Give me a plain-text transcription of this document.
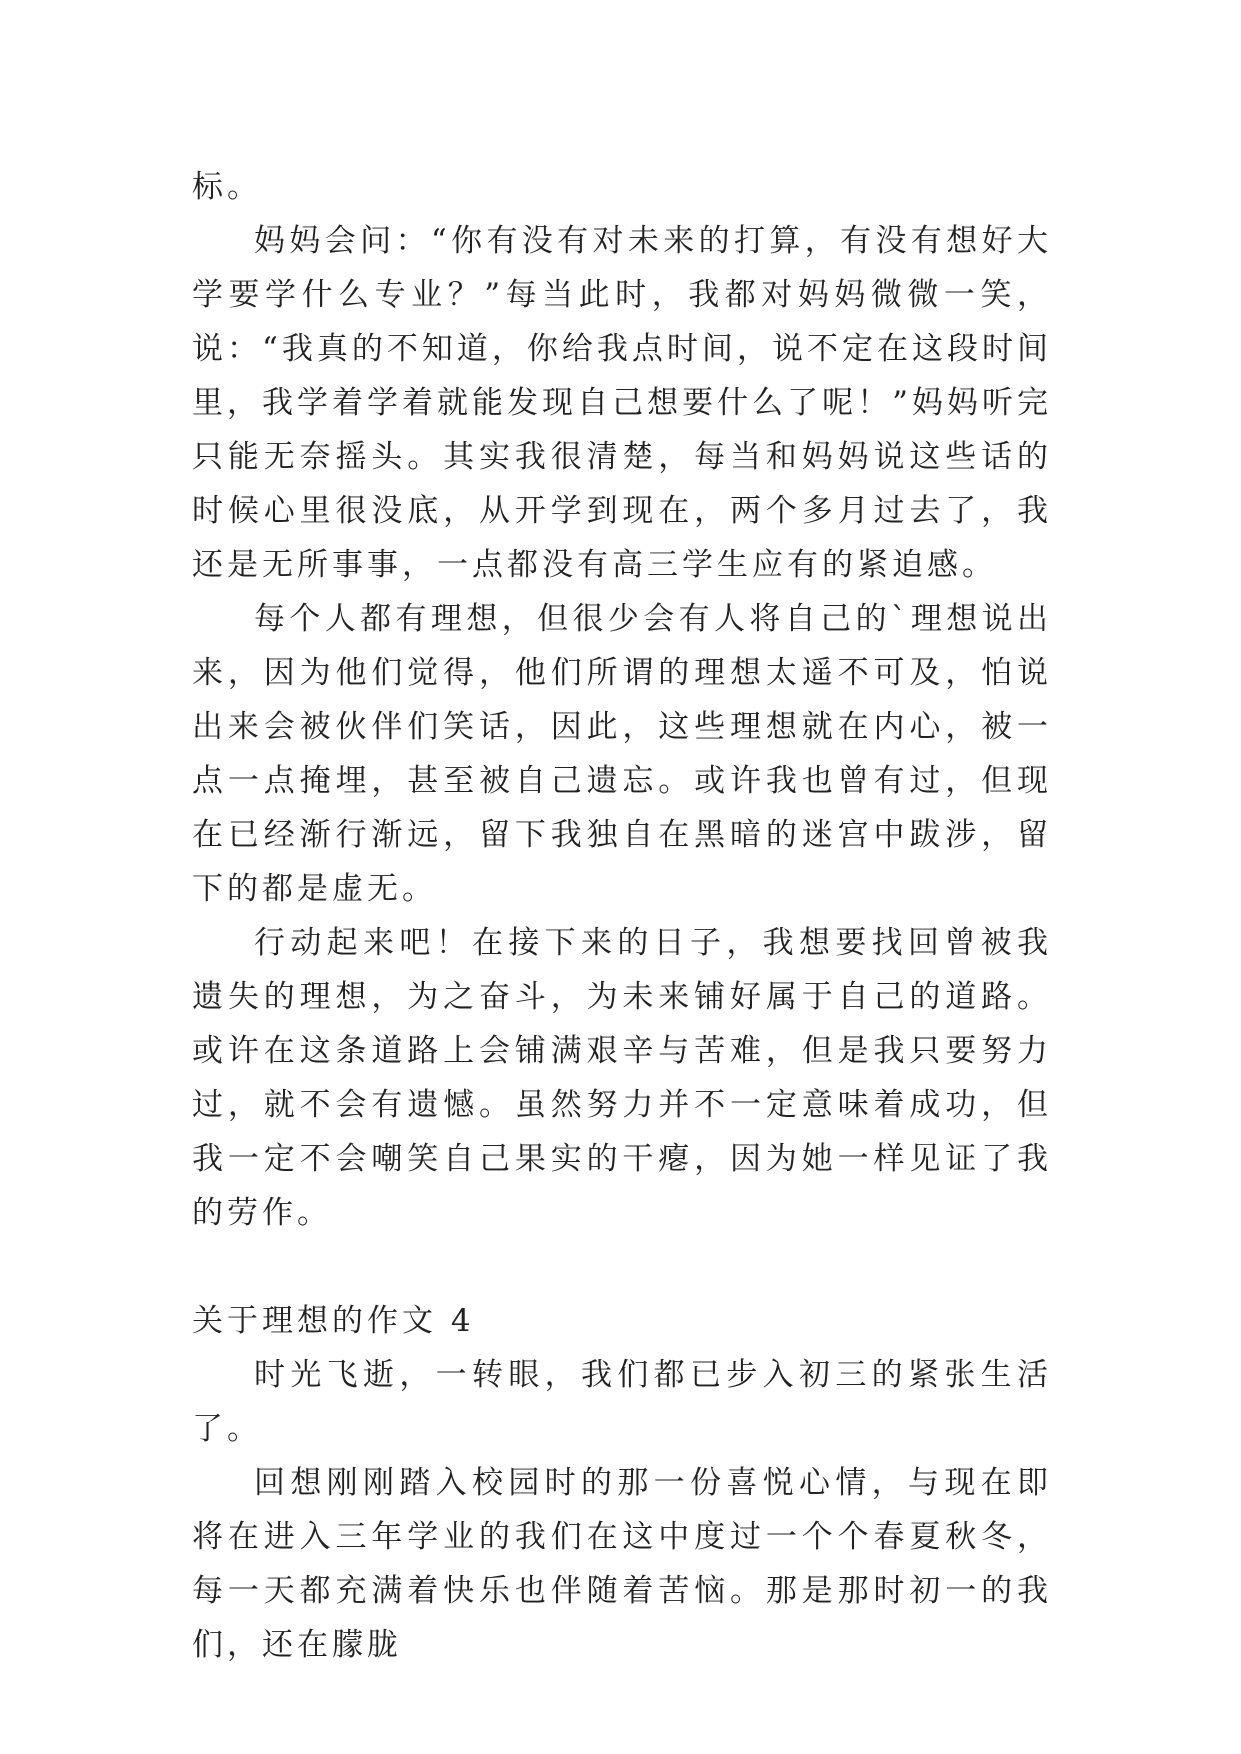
标。

妈妈会问：“你有没有对未来的打算，有没有想好大学要学什么专业？”每当此时，我都对妈妈微微一笑，说：“我真的不知道，你给我点时间，说不定在这段时间里，我学着学着就能发现自己想要什么了呢！”妈妈听完只能无奈摇头。其实我很清楚，每当和妈妈说这些话的时候心里很没底，从开学到现在，两个多月过去了，我还是无所事事，一点都没有高三学生应有的紧迫感。

每个人都有理想，但很少会有人将自己的`理想说出来，因为他们觉得，他们所谓的理想太遥不可及，怕说出来会被伙伴们笑话，因此，这些理想就在内心，被一点一点掩埋，甚至被自己遗忘。或许我也曾有过，但现在已经渐行渐远，留下我独自在黑暗的迷宫中跋涉，留下的都是虚无。

行动起来吧！在接下来的日子，我想要找回曾被我遗失的理想，为之奋斗，为未来铺好属于自己的道路。或许在这条道路上会铺满艰辛与苦难，但是我只要努力过，就不会有遗憾。虽然努力并不一定意味着成功，但我一定不会嘲笑自己果实的干瘪，因为她一样见证了我的劳作。

关于理想的作文 4

时光飞逝，一转眼，我们都已步入初三的紧张生活了。

回想刚刚踏入校园时的那一份喜悦心情，与现在即将在进入三年学业的我们在这中度过一个个春夏秋冬，每一天都充满着快乐也伴随着苦恼。那是那时初一的我们，还在朦胧
